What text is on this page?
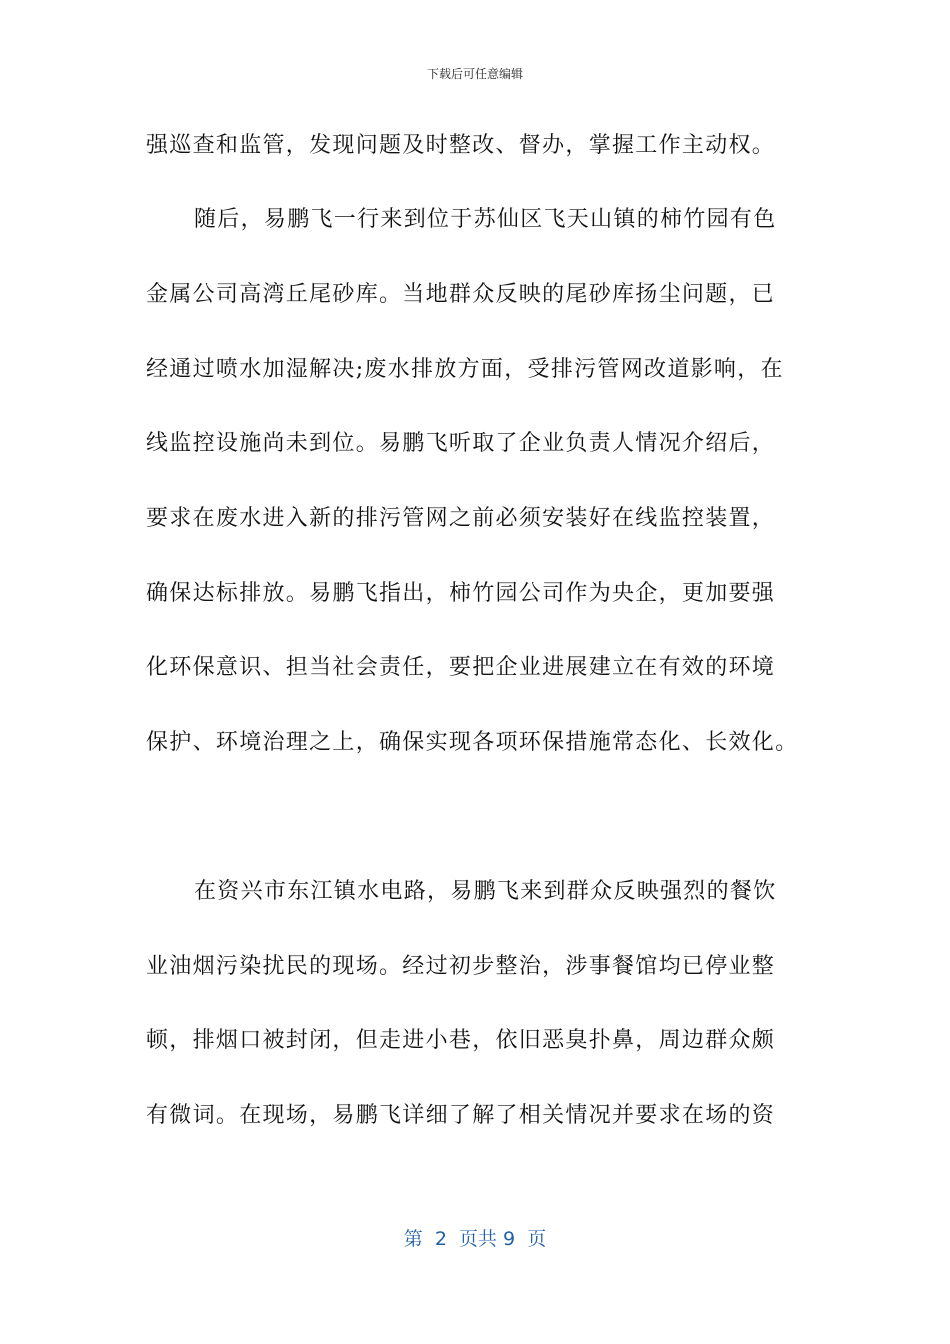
下载后可任意编辑
强巡查和监管，发现问题及时整改、督办，掌握工作主动权。
随后，易鹏飞一行来到位于苏仙区飞天山镇的柿竹园有色
金属公司高湾丘尾砂库。当地群众反映的尾砂库扬尘问题，已
经通过喷水加湿解决;废水排放方面，受排污管网改道影响，在
线监控设施尚未到位。易鹏飞听取了企业负责人情况介绍后，
要求在废水进入新的排污管网之前必须安装好在线监控装置，
确保达标排放。易鹏飞指出，柿竹园公司作为央企，更加要强
化环保意识、担当社会责任，要把企业进展建立在有效的环境
保护、环境治理之上，确保实现各项环保措施常态化、长效化。
在资兴市东江镇水电路，易鹏飞来到群众反映强烈的餐饮
业油烟污染扰民的现场。经过初步整治，涉事餐馆均已停业整
顿，排烟口被封闭，但走进小巷，依旧恶臭扑鼻，周边群众颇
有微词。在现场，易鹏飞详细了解了相关情况并要求在场的资
第  2  页共 9  页
